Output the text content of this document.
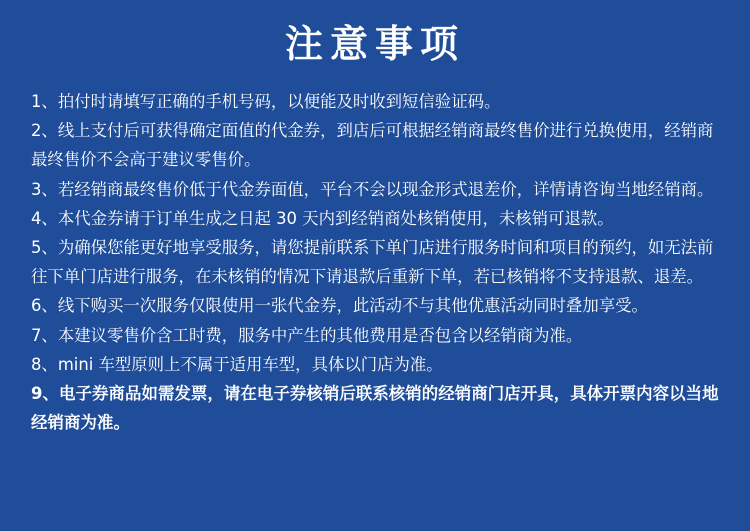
注意事项
1、拍付时请填写正确的手机号码，以便能及时收到短信验证码。
2、线上支付后可获得确定面值的代金券，到店后可根据经销商最终售价进行兑换使用，经销商最终售价不会高于建议零售价。
3、若经销商最终售价低于代金券面值，平台不会以现金形式退差价，详情请咨询当地经销商。
4、本代金券请于订单生成之日起 30 天内到经销商处核销使用，未核销可退款。
5、为确保您能更好地享受服务，请您提前联系下单门店进行服务时间和项目的预约，如无法前往下单门店进行服务，在未核销的情况下请退款后重新下单，若已核销将不支持退款、退差。
6、线下购买一次服务仅限使用一张代金券，此活动不与其他优惠活动同时叠加享受。
7、本建议零售价含工时费，服务中产生的其他费用是否包含以经销商为准。
8、mini 车型原则上不属于适用车型，具体以门店为准。
9、电子券商品如需发票，请在电子券核销后联系核销的经销商门店开具，具体开票内容以当地经销商为准。
